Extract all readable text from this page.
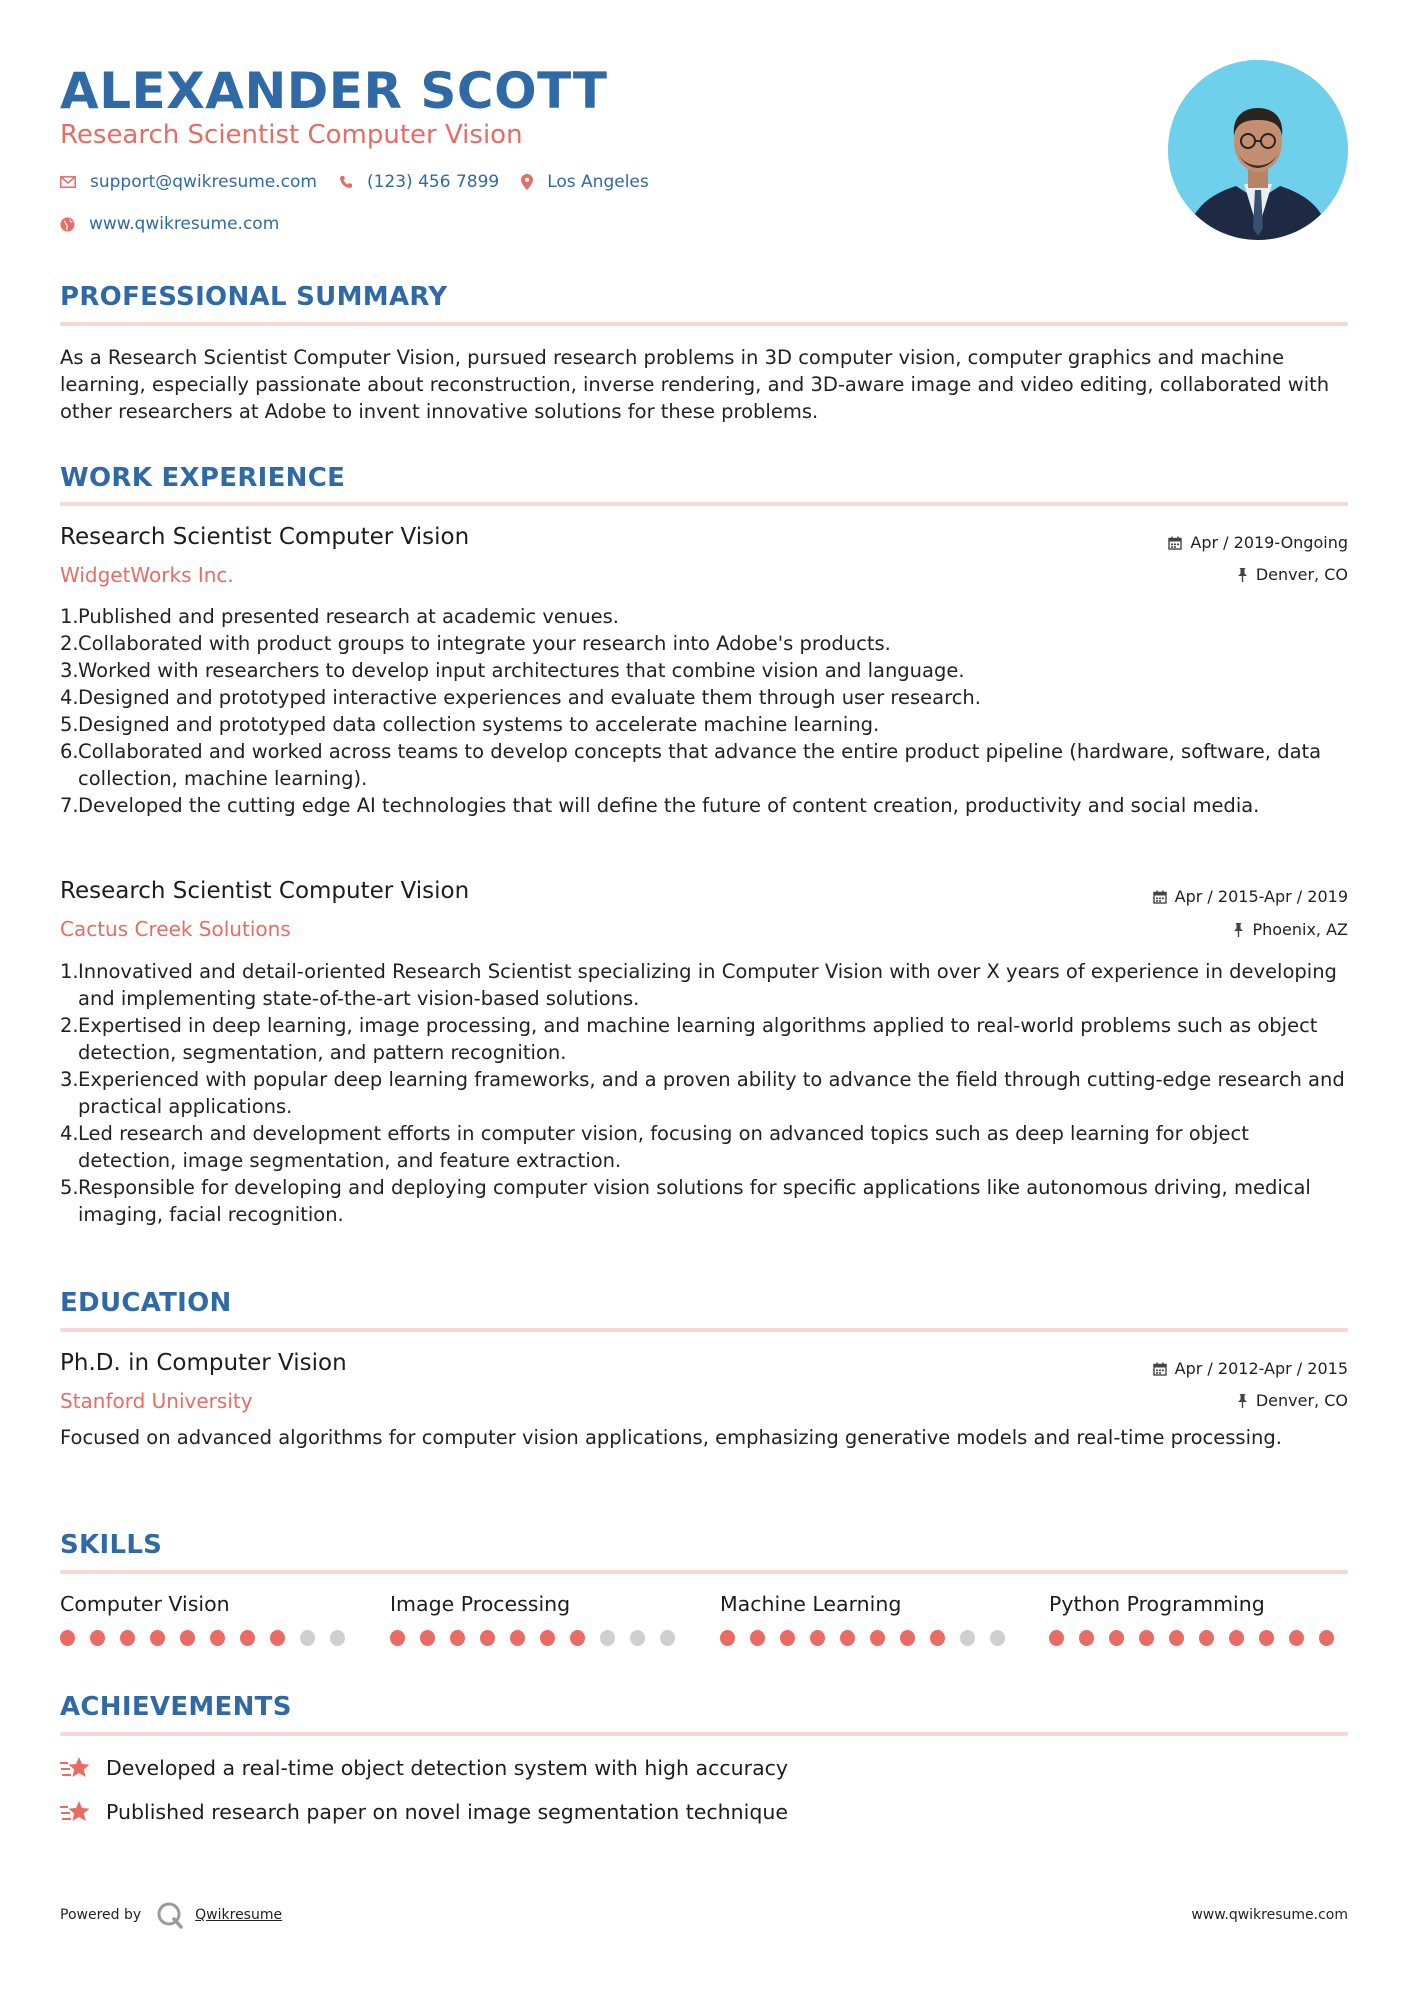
ALEXANDER SCOTT
Research Scientist Computer Vision
support@qwikresume.com	(123) 456 7899	Los Angeles
www.qwikresume.com
PROFESSIONAL SUMMARY
As a Research Scientist Computer Vision, pursued research problems in 3D computer vision, computer graphics and machine learning, especially passionate about reconstruction, inverse rendering, and 3D-aware image and video editing, collaborated with other researchers at Adobe to invent innovative solutions for these problems.
WORK EXPERIENCE
Research Scientist Computer Vision	Apr / 2019-Ongoing
WidgetWorks Inc.	Denver, CO
1. Published and presented research at academic venues.
2. Collaborated with product groups to integrate your research into Adobe's products.
3. Worked with researchers to develop input architectures that combine vision and language.
4. Designed and prototyped interactive experiences and evaluate them through user research.
5. Designed and prototyped data collection systems to accelerate machine learning.
6. Collaborated and worked across teams to develop concepts that advance the entire product pipeline (hardware, software, data collection, machine learning).
7. Developed the cutting edge AI technologies that will define the future of content creation, productivity and social media.
Research Scientist Computer Vision	Apr / 2015-Apr / 2019
Cactus Creek Solutions	Phoenix, AZ
1. Innovatived and detail-oriented Research Scientist specializing in Computer Vision with over X years of experience in developing and implementing state-of-the-art vision-based solutions.
2. Expertised in deep learning, image processing, and machine learning algorithms applied to real-world problems such as object detection, segmentation, and pattern recognition.
3. Experienced with popular deep learning frameworks, and a proven ability to advance the field through cutting-edge research and practical applications.
4. Led research and development efforts in computer vision, focusing on advanced topics such as deep learning for object detection, image segmentation, and feature extraction.
5. Responsible for developing and deploying computer vision solutions for specific applications like autonomous driving, medical imaging, facial recognition.
EDUCATION
Ph.D. in Computer Vision	Apr / 2012-Apr / 2015
Stanford University	Denver, CO
Focused on advanced algorithms for computer vision applications, emphasizing generative models and real-time processing.
SKILLS
Computer Vision	Image Processing	Machine Learning	Python Programming
ACHIEVEMENTS
Developed a real-time object detection system with high accuracy
Published research paper on novel image segmentation technique
Powered by	Qwikresume	www.qwikresume.com
